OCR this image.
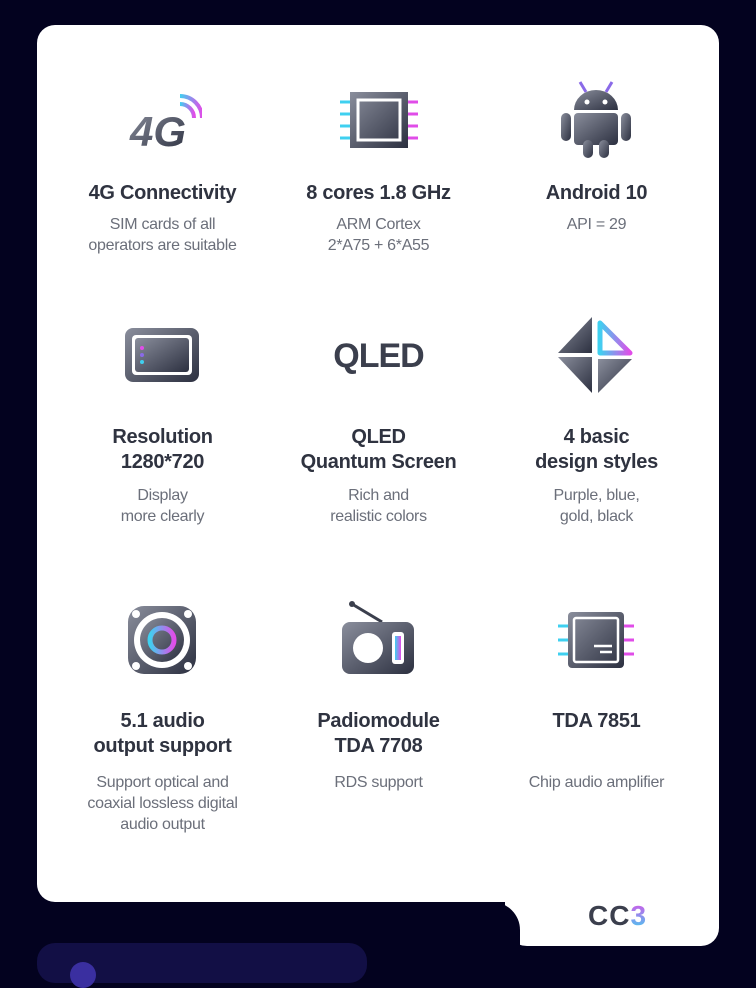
4G
4G Connectivity
SIM cards of all
operators are suitable
8 cores 1.8 GHz
ARM Cortex
2*A75 + 6*A55
Android 10
API = 29
Resolution
1280*720
Display
more clearly
QLED
QLED
Quantum Screen
Rich and
realistic colors
4 basic
design styles
Purple, blue,
gold, black
5.1 audio
output support
Support optical and
coaxial lossless digital
audio output
Padiomodule
TDA 7708
RDS support
TDA 7851
Chip audio amplifier
CC3
